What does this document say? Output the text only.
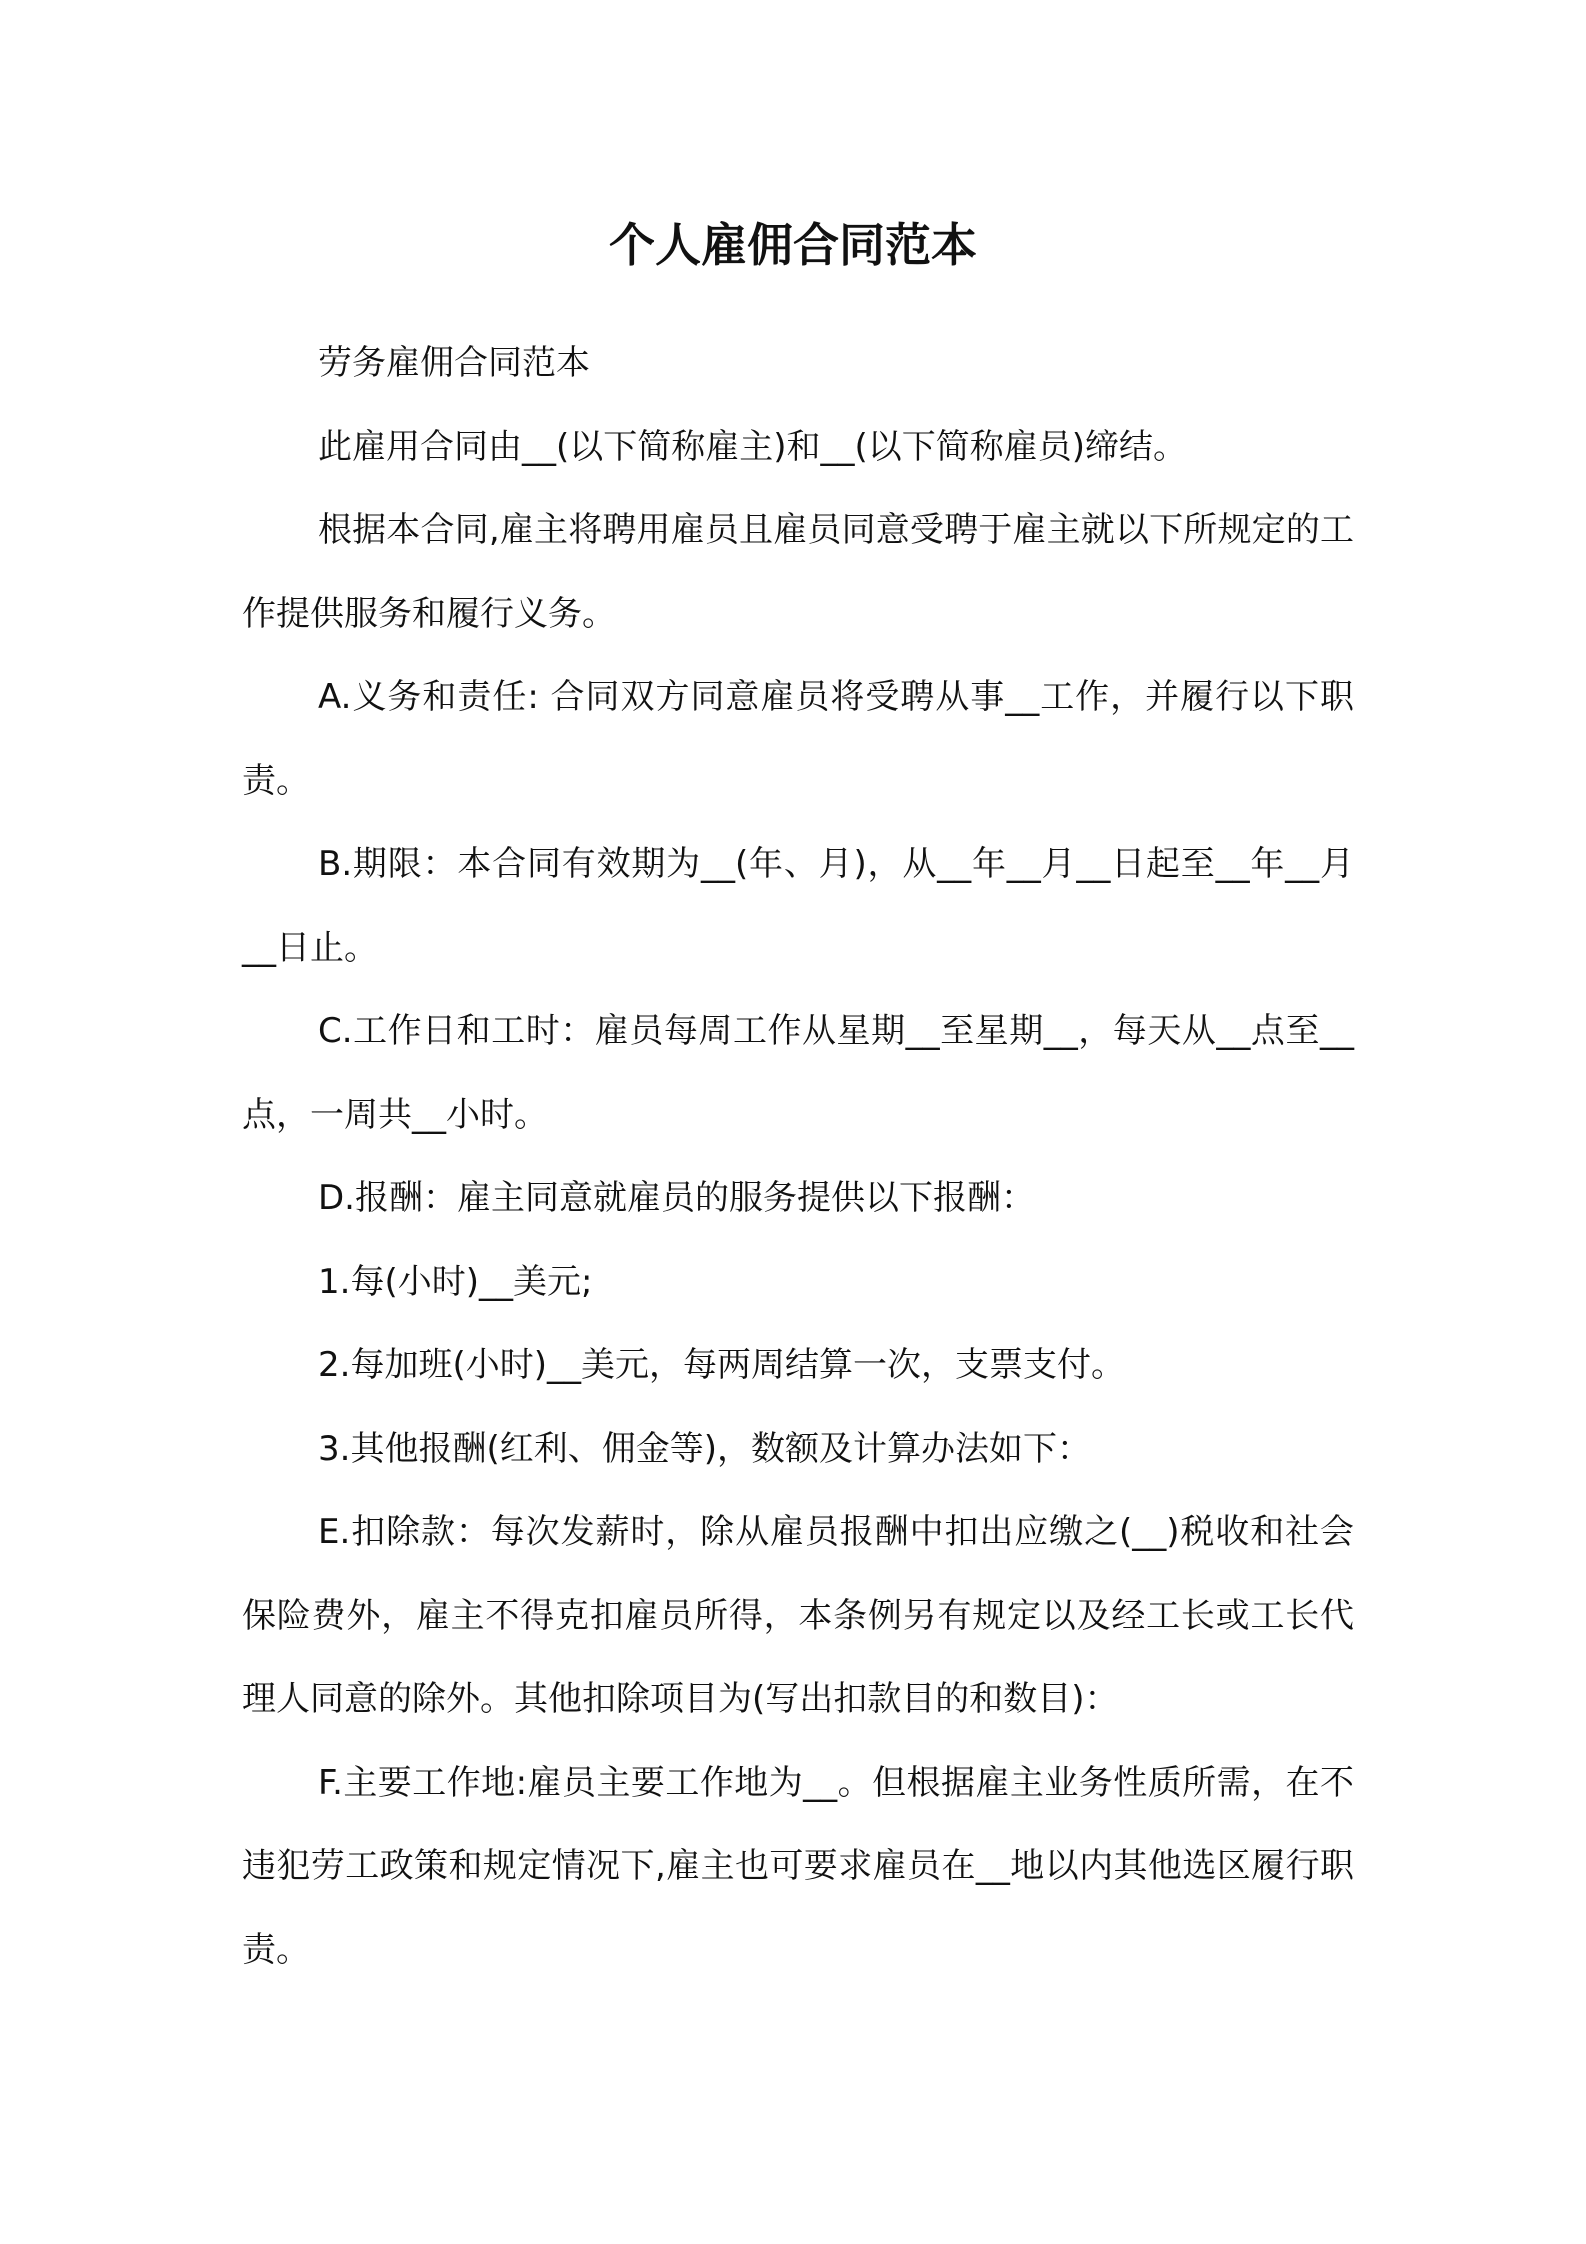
个人雇佣合同范本

劳务雇佣合同范本

此雇用合同由__(以下简称雇主)和__(以下简称雇员)缔结。

根据本合同,雇主将聘用雇员且雇员同意受聘于雇主就以下所规定的工作提供服务和履行义务。

A.义务和责任: 合同双方同意雇员将受聘从事__工作，并履行以下职责。

B.期限：本合同有效期为__(年、月)，从__年__月__日起至__年__月__日止。

C.工作日和工时：雇员每周工作从星期__至星期__，每天从__点至__点，一周共__小时。

D.报酬：雇主同意就雇员的服务提供以下报酬：

1.每(小时)__美元;

2.每加班(小时)__美元，每两周结算一次，支票支付。

3.其他报酬(红利、佣金等)，数额及计算办法如下：

E.扣除款：每次发薪时，除从雇员报酬中扣出应缴之(__)税收和社会保险费外，雇主不得克扣雇员所得，本条例另有规定以及经工长或工长代理人同意的除外。其他扣除项目为(写出扣款目的和数目)：

F.主要工作地:雇员主要工作地为__。但根据雇主业务性质所需，在不违犯劳工政策和规定情况下,雇主也可要求雇员在__地以内其他选区履行职责。
